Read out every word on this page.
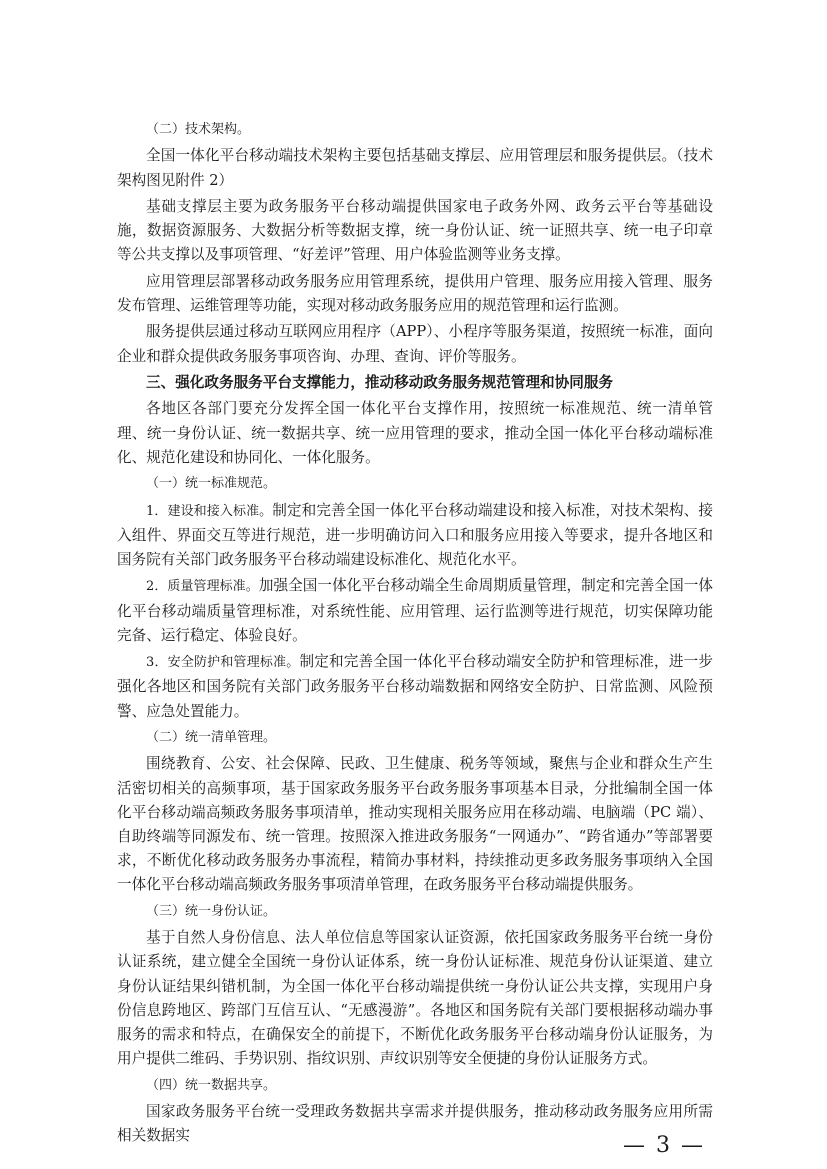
（二）技术架构。

全国一体化平台移动端技术架构主要包括基础支撑层、应用管理层和服务提供层。（技术架构图见附件 2）

基础支撑层主要为政务服务平台移动端提供国家电子政务外网、政务云平台等基础设施，数据资源服务、大数据分析等数据支撑，统一身份认证、统一证照共享、统一电子印章等公共支撑以及事项管理、“好差评”管理、用户体验监测等业务支撑。

应用管理层部署移动政务服务应用管理系统，提供用户管理、服务应用接入管理、服务发布管理、运维管理等功能，实现对移动政务服务应用的规范管理和运行监测。

服务提供层通过移动互联网应用程序（APP）、小程序等服务渠道，按照统一标准，面向企业和群众提供政务服务事项咨询、办理、查询、评价等服务。

三、强化政务服务平台支撑能力，推动移动政务服务规范管理和协同服务

各地区各部门要充分发挥全国一体化平台支撑作用，按照统一标准规范、统一清单管理、统一身份认证、统一数据共享、统一应用管理的要求，推动全国一体化平台移动端标准化、规范化建设和协同化、一体化服务。

（一）统一标准规范。

1．建设和接入标准。制定和完善全国一体化平台移动端建设和接入标准，对技术架构、接入组件、界面交互等进行规范，进一步明确访问入口和服务应用接入等要求，提升各地区和国务院有关部门政务服务平台移动端建设标准化、规范化水平。

2．质量管理标准。加强全国一体化平台移动端全生命周期质量管理，制定和完善全国一体化平台移动端质量管理标准，对系统性能、应用管理、运行监测等进行规范，切实保障功能完备、运行稳定、体验良好。

3．安全防护和管理标准。制定和完善全国一体化平台移动端安全防护和管理标准，进一步强化各地区和国务院有关部门政务服务平台移动端数据和网络安全防护、日常监测、风险预警、应急处置能力。

（二）统一清单管理。

围绕教育、公安、社会保障、民政、卫生健康、税务等领域，聚焦与企业和群众生产生活密切相关的高频事项，基于国家政务服务平台政务服务事项基本目录，分批编制全国一体化平台移动端高频政务服务事项清单，推动实现相关服务应用在移动端、电脑端（PC 端）、自助终端等同源发布、统一管理。按照深入推进政务服务“一网通办”、“跨省通办”等部署要求，不断优化移动政务服务办事流程，精简办事材料，持续推动更多政务服务事项纳入全国一体化平台移动端高频政务服务事项清单管理，在政务服务平台移动端提供服务。

（三）统一身份认证。

基于自然人身份信息、法人单位信息等国家认证资源，依托国家政务服务平台统一身份认证系统，建立健全全国统一身份认证体系，统一身份认证标准、规范身份认证渠道、建立身份认证结果纠错机制，为全国一体化平台移动端提供统一身份认证公共支撑，实现用户身份信息跨地区、跨部门互信互认、“无感漫游”。各地区和国务院有关部门要根据移动端办事服务的需求和特点，在确保安全的前提下，不断优化政务服务平台移动端身份认证服务，为用户提供二维码、手势识别、指纹识别、声纹识别等安全便捷的身份认证服务方式。

（四）统一数据共享。

国家政务服务平台统一受理政务数据共享需求并提供服务，推动移动政务服务应用所需相关数据实	— 3 —
